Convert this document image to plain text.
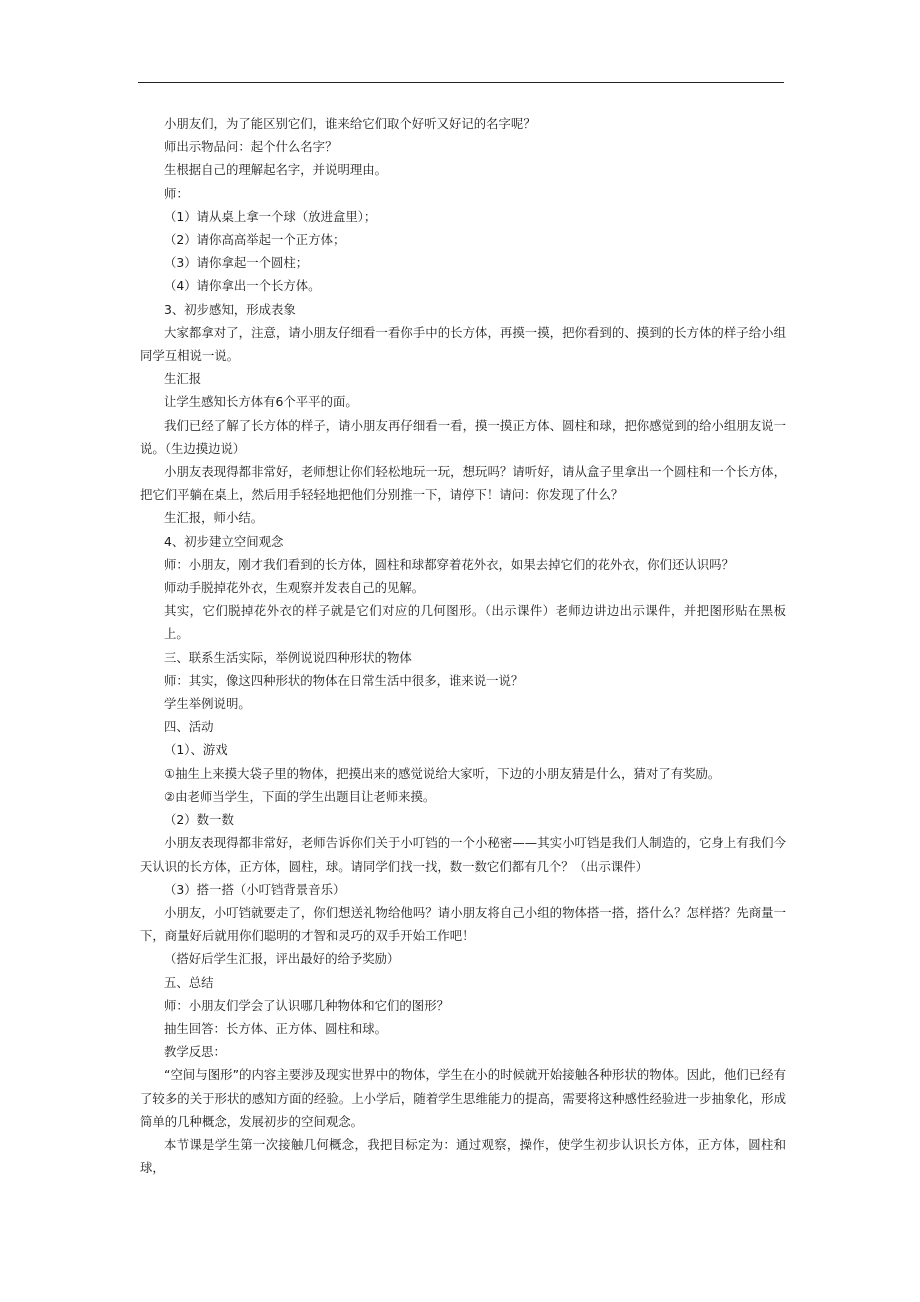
小朋友们，为了能区别它们，谁来给它们取个好听又好记的名字呢？

师出示物品问：起个什么名字？

生根据自己的理解起名字，并说明理由。

师：

（1）请从桌上拿一个球（放进盒里）；

（2）请你高高举起一个正方体；

（3）请你拿起一个圆柱；

（4）请你拿出一个长方体。

3、初步感知，形成表象

大家都拿对了，注意，请小朋友仔细看一看你手中的长方体，再摸一摸，把你看到的、摸到的长方体的样子给小组同学互相说一说。

生汇报

让学生感知长方体有6个平平的面。

我们已经了解了长方体的样子，请小朋友再仔细看一看，摸一摸正方体、圆柱和球，把你感觉到的给小组朋友说一说。（生边摸边说）

小朋友表现得都非常好，老师想让你们轻松地玩一玩，想玩吗？请听好，请从盒子里拿出一个圆柱和一个长方体，把它们平躺在桌上，然后用手轻轻地把他们分别推一下，请停下！请问：你发现了什么？

生汇报，师小结。

4、初步建立空间观念

师：小朋友，刚才我们看到的长方体，圆柱和球都穿着花外衣，如果去掉它们的花外衣，你们还认识吗？

师动手脱掉花外衣，生观察并发表自己的见解。

其实，它们脱掉花外衣的样子就是它们对应的几何图形。（出示课件）老师边讲边出示课件，并把图形贴在黑板上。

三、联系生活实际，举例说说四种形状的物体

师：其实，像这四种形状的物体在日常生活中很多，谁来说一说？

学生举例说明。

四、活动

（1）、游戏

①抽生上来摸大袋子里的物体，把摸出来的感觉说给大家听，下边的小朋友猜是什么，猜对了有奖励。

②由老师当学生，下面的学生出题目让老师来摸。

（2）数一数

小朋友表现得都非常好，老师告诉你们关于小叮铛的一个小秘密——其实小叮铛是我们人制造的，它身上有我们今天认识的长方体，正方体，圆柱，球。请同学们找一找，数一数它们都有几个？（出示课件）

（3）搭一搭（小叮铛背景音乐）

小朋友，小叮铛就要走了，你们想送礼物给他吗？请小朋友将自己小组的物体搭一搭，搭什么？怎样搭？先商量一下，商量好后就用你们聪明的才智和灵巧的双手开始工作吧！

（搭好后学生汇报，评出最好的给予奖励）

五、总结

师：小朋友们学会了认识哪几种物体和它们的图形？

抽生回答：长方体、正方体、圆柱和球。

教学反思：

“空间与图形”的内容主要涉及现实世界中的物体，学生在小的时候就开始接触各种形状的物体。因此，他们已经有了较多的关于形状的感知方面的经验。上小学后，随着学生思维能力的提高，需要将这种感性经验进一步抽象化，形成简单的几种概念，发展初步的空间观念。

本节课是学生第一次接触几何概念，我把目标定为：通过观察，操作，使学生初步认识长方体，正方体，圆柱和球，
